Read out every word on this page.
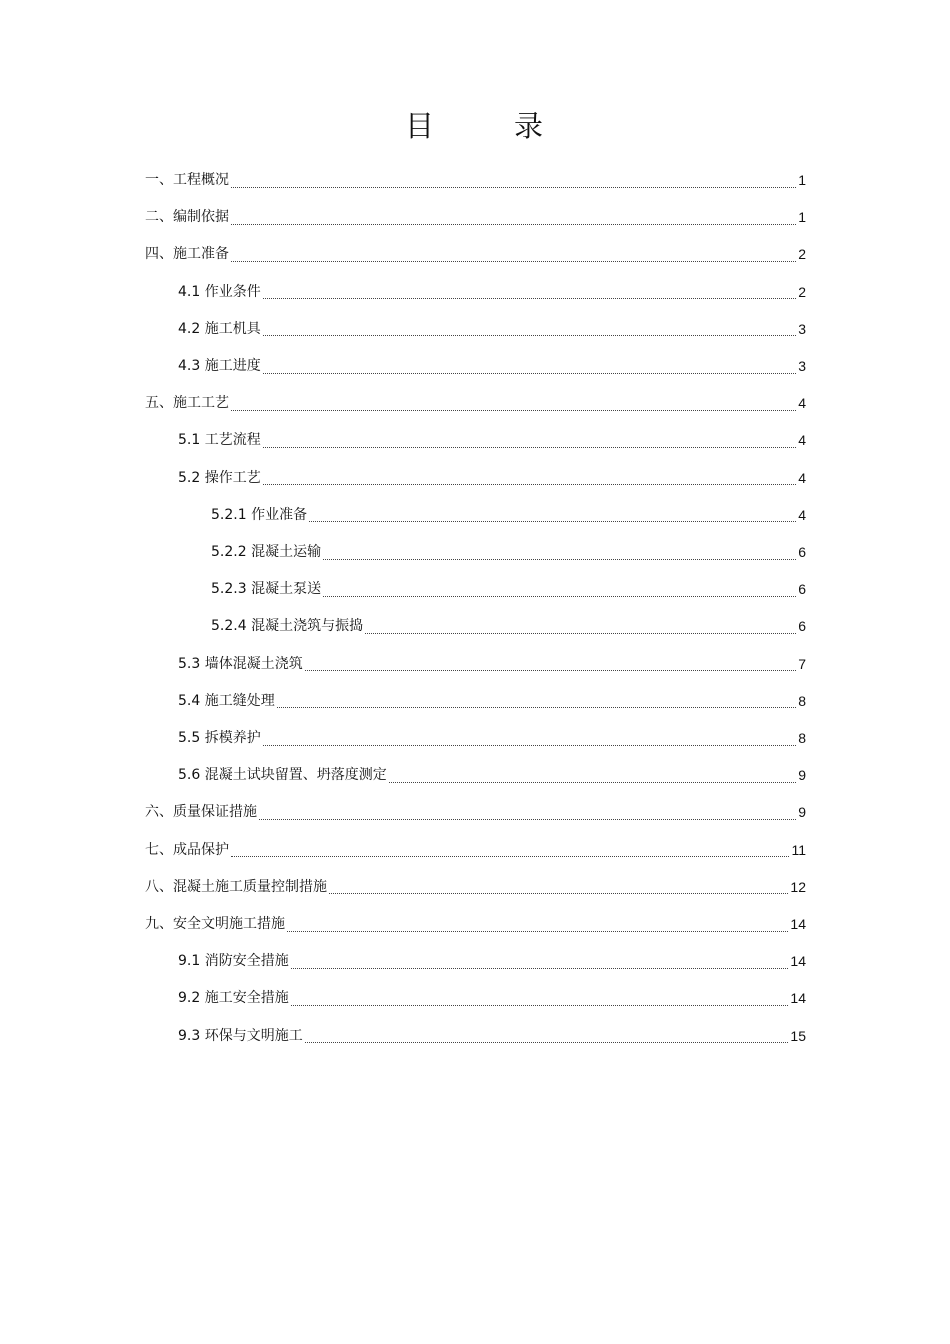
目	录
一、工程概况	1
二、编制依据	1
四、施工准备	2
4.1 作业条件	2
4.2 施工机具	3
4.3 施工进度	3
五、施工工艺	4
5.1 工艺流程	4
5.2 操作工艺	4
5.2.1 作业准备	4
5.2.2 混凝土运输	6
5.2.3 混凝土泵送	6
5.2.4 混凝土浇筑与振捣	6
5.3 墙体混凝土浇筑	7
5.4 施工缝处理	8
5.5 拆模养护	8
5.6 混凝土试块留置、坍落度测定	9
六、质量保证措施	9
七、成品保护	11
八、混凝土施工质量控制措施	12
九、安全文明施工措施	14
9.1 消防安全措施	14
9.2 施工安全措施	14
9.3 环保与文明施工	15
